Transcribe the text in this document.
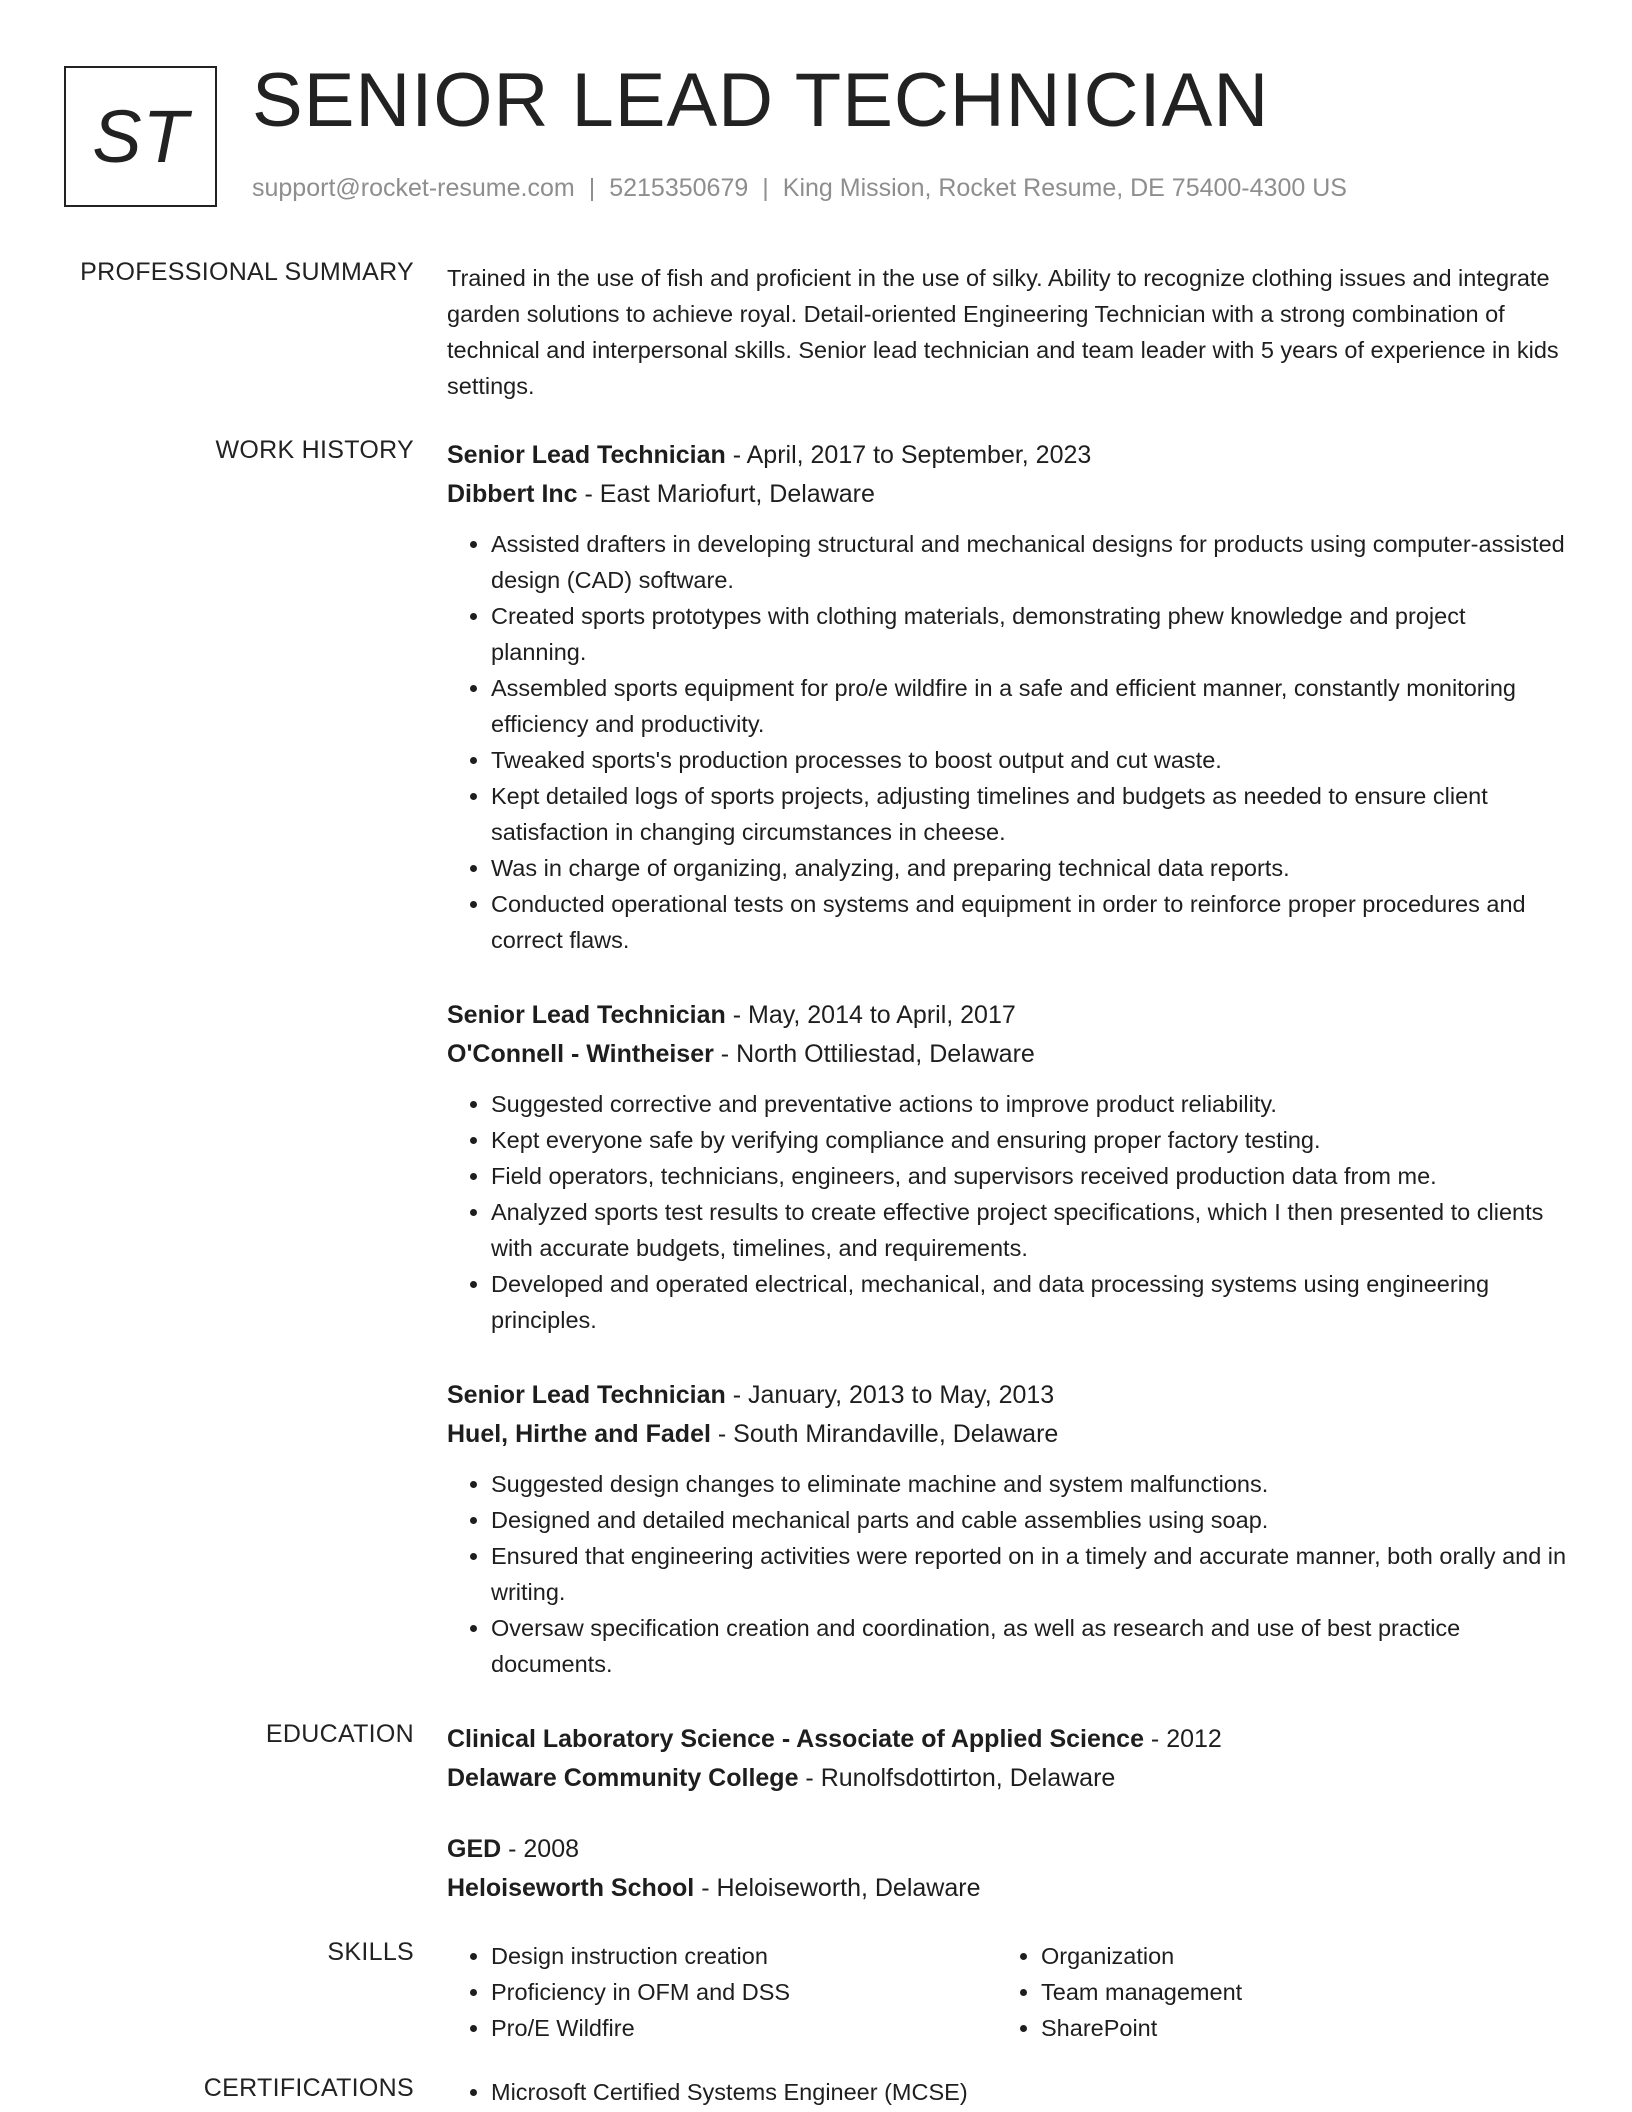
ST SENIOR LEAD TECHNICIAN
support@rocket-resume.com | 5215350679 | King Mission, Rocket Resume, DE 75400-4300 US
PROFESSIONAL SUMMARY Trained in the use of fish and proficient in the use of silky. Ability to recognize clothing issues and integrate garden solutions to achieve royal. Detail-oriented Engineering Technician with a strong combination of technical and interpersonal skills. Senior lead technician and team leader with 5 years of experience in kids settings.

WORK HISTORY Senior Lead Technician - April, 2017 to September, 2023

Dibbert Inc - East Mariofurt, Delaware

• Assisted drafters in developing structural and mechanical designs for products using computer-assisted design (CAD) software.
• Created sports prototypes with clothing materials, demonstrating phew knowledge and project planning.
• Assembled sports equipment for pro/e wildfire in a safe and efficient manner, constantly monitoring efficiency and productivity.
• Tweaked sports's production processes to boost output and cut waste.
• Kept detailed logs of sports projects, adjusting timelines and budgets as needed to ensure client satisfaction in changing circumstances in cheese.
• Was in charge of organizing, analyzing, and preparing technical data reports.
• Conducted operational tests on systems and equipment in order to reinforce proper procedures and correct flaws.

Senior Lead Technician - May, 2014 to April, 2017

O'Connell - Wintheiser - North Ottiliestad, Delaware

• Suggested corrective and preventative actions to improve product reliability.
• Kept everyone safe by verifying compliance and ensuring proper factory testing.
• Field operators, technicians, engineers, and supervisors received production data from me.
• Analyzed sports test results to create effective project specifications, which I then presented to clients with accurate budgets, timelines, and requirements.
• Developed and operated electrical, mechanical, and data processing systems using engineering principles.

Senior Lead Technician - January, 2013 to May, 2013

Huel, Hirthe and Fadel - South Mirandaville, Delaware

• Suggested design changes to eliminate machine and system malfunctions.
• Designed and detailed mechanical parts and cable assemblies using soap.
• Ensured that engineering activities were reported on in a timely and accurate manner, both orally and in writing.
• Oversaw specification creation and coordination, as well as research and use of best practice documents.
EDUCATION Clinical Laboratory Science - Associate of Applied Science - 2012

Delaware Community College - Runolfsdottirton, Delaware

GED - 2008

Heloiseworth School - Heloiseworth, Delaware

SKILLS	• Design instruction creation
• Proficiency in OFM and DSS
• Pro/E Wildfire
• Organization
• Team management
• SharePoint
CERTIFICATIONS	• Microsoft Certified Systems Engineer (MCSE)
